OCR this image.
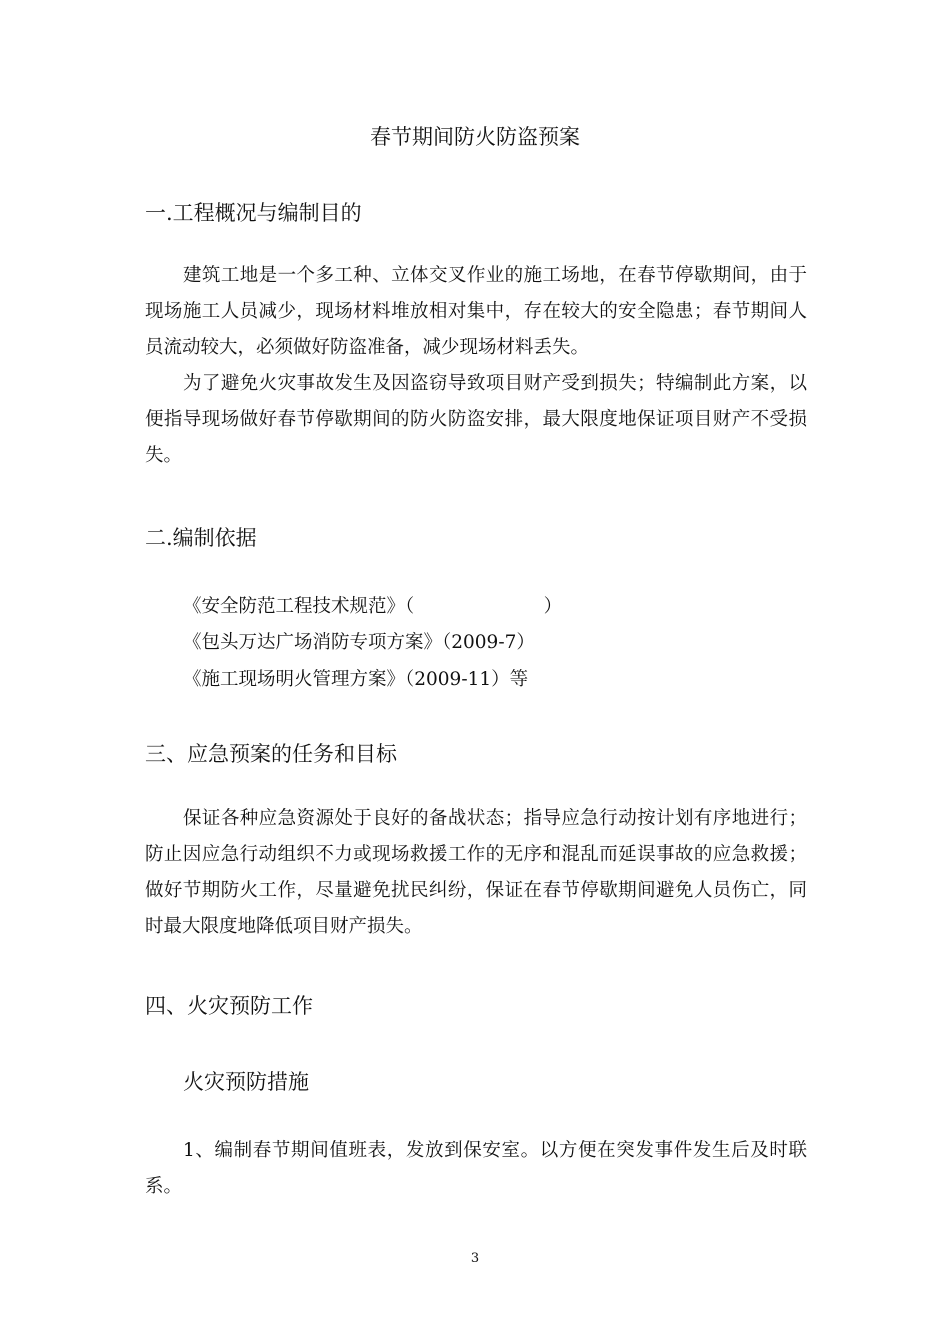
春节期间防火防盗预案
一.工程概况与编制目的

建筑工地是一个多工种、立体交叉作业的施工场地，在春节停歇期间，由于现场施工人员减少，现场材料堆放相对集中，存在较大的安全隐患；春节期间人员流动较大，必须做好防盗准备，减少现场材料丢失。

为了避免火灾事故发生及因盗窃导致项目财产受到损失；特编制此方案，以便指导现场做好春节停歇期间的防火防盗安排，最大限度地保证项目财产不受损失。

二.编制依据
《安全防范工程技术规范》（                      ）
《包头万达广场消防专项方案》（2009-7）
《施工现场明火管理方案》（2009-11）等
三、应急预案的任务和目标

保证各种应急资源处于良好的备战状态；指导应急行动按计划有序地进行；防止因应急行动组织不力或现场救援工作的无序和混乱而延误事故的应急救援；做好节期防火工作，尽量避免扰民纠纷，保证在春节停歇期间避免人员伤亡，同时最大限度地降低项目财产损失。

四、火灾预防工作
火灾预防措施

1、编制春节期间值班表，发放到保安室。以方便在突发事件发生后及时联系。

3
